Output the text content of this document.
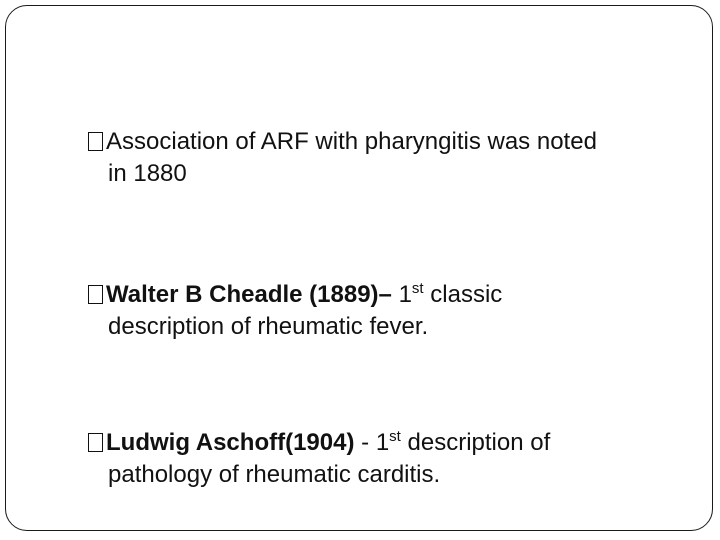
Association of ARF with pharyngitis was noted
in 1880
Walter B Cheadle (1889)– 1st classic
description of rheumatic fever.
Ludwig Aschoff(1904) - 1st description of
pathology of rheumatic carditis.
